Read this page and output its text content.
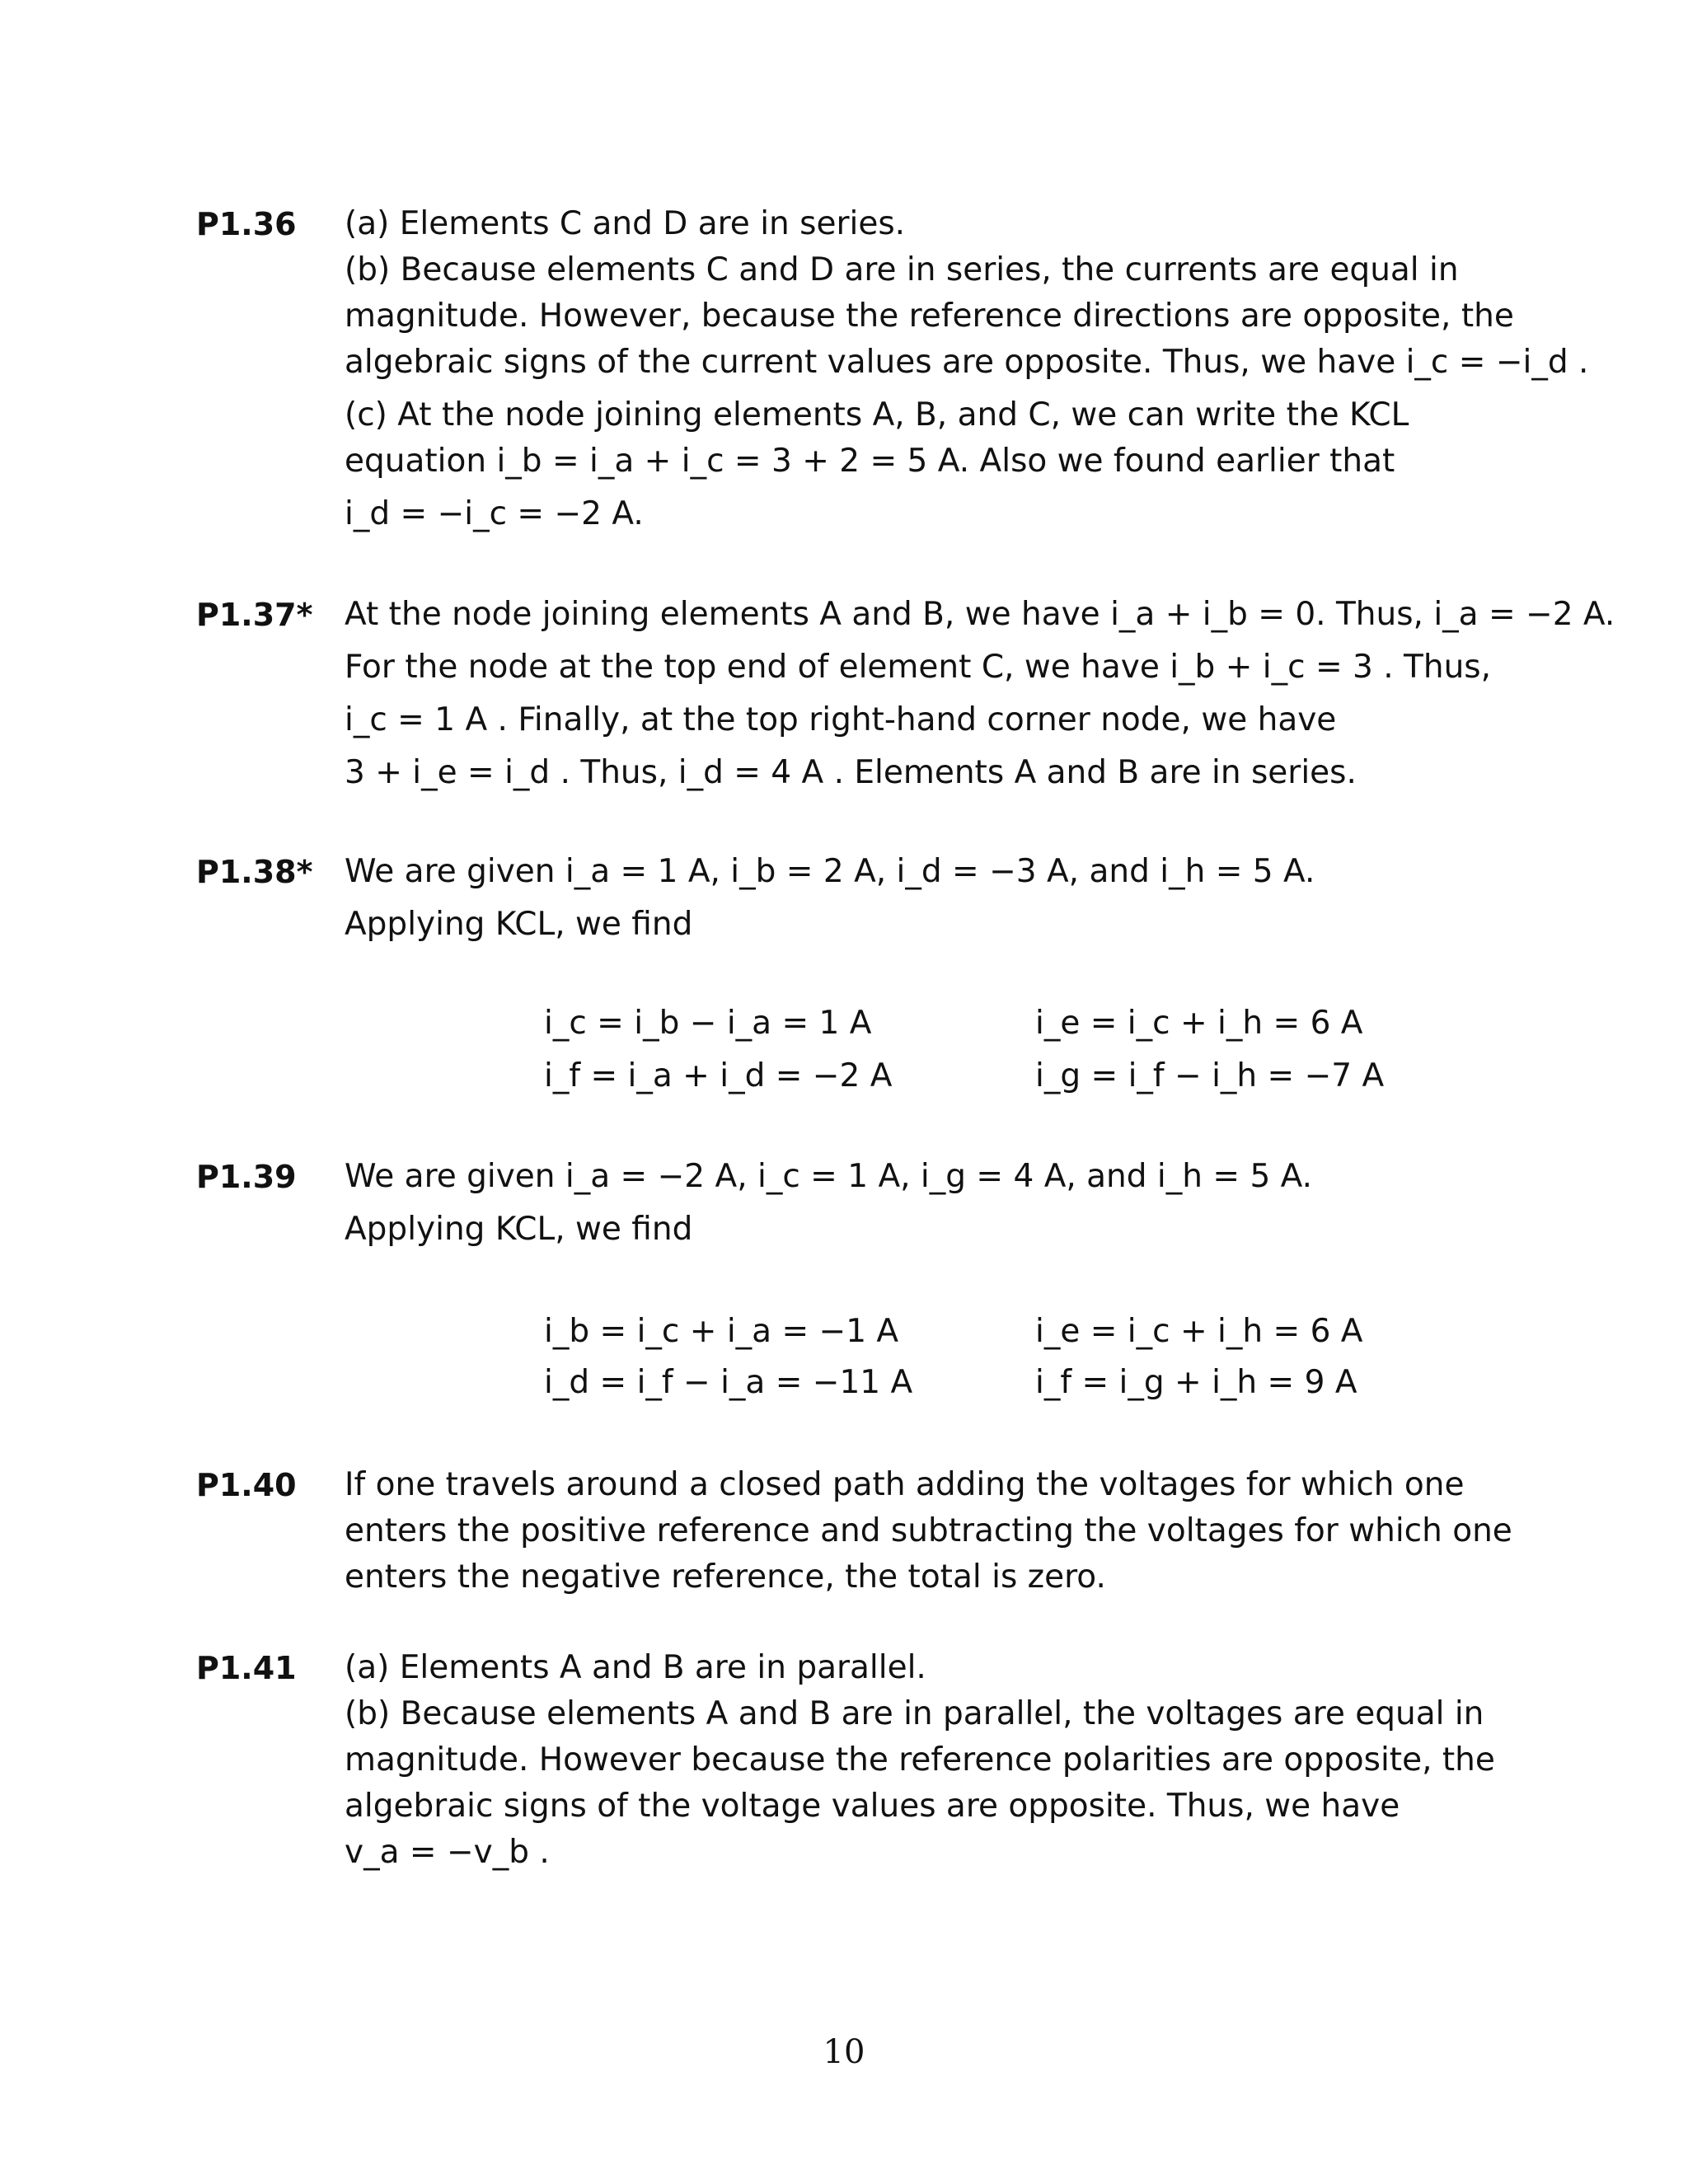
P1.36 (a) Elements C and D are in series.
(b) Because elements C and D are in series, the currents are equal in
magnitude. However, because the reference directions are opposite, the
algebraic signs of the current values are opposite. Thus, we have i_c = −i_d .
(c) At the node joining elements A, B, and C, we can write the KCL
equation i_b = i_a + i_c = 3 + 2 = 5 A. Also we found earlier that
i_d = −i_c = −2 A.
P1.37* At the node joining elements A and B, we have i_a + i_b = 0. Thus, i_a = −2 A.
For the node at the top end of element C, we have i_b + i_c = 3 . Thus,
i_c = 1 A . Finally, at the top right-hand corner node, we have
3 + i_e = i_d . Thus, i_d = 4 A . Elements A and B are in series.
P1.38* We are given i_a = 1 A, i_b = 2 A, i_d = −3 A, and i_h = 5 A.
Applying KCL, we find
i_c = i_b − i_a = 1 A
i_f = i_a + i_d = −2 A
i_e = i_c + i_h = 6 A
i_g = i_f − i_h = −7 A
P1.39 We are given i_a = −2 A, i_c = 1 A, i_g = 4 A, and i_h = 5 A.
Applying KCL, we find
i_b = i_c + i_a = −1 A
i_d = i_f − i_a = −11 A
i_e = i_c + i_h = 6 A
i_f = i_g + i_h = 9 A
P1.40 If one travels around a closed path adding the voltages for which one
enters the positive reference and subtracting the voltages for which one
enters the negative reference, the total is zero.
P1.41 (a) Elements A and B are in parallel.
(b) Because elements A and B are in parallel, the voltages are equal in
magnitude. However because the reference polarities are opposite, the
algebraic signs of the voltage values are opposite. Thus, we have
v_a = −v_b .
10
